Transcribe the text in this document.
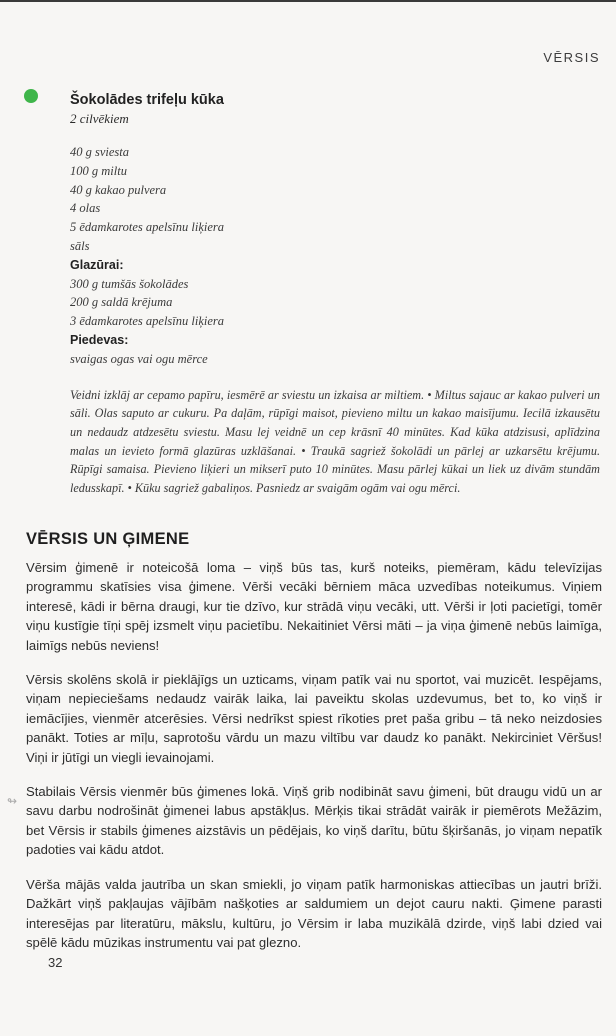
VĒRSIS
Šokolādes trifeļu kūka

2 cilvēkiem

40 g sviesta
100 g miltu
40 g kakao pulvera
4 olas
5 ēdamkarotes apelsīnu liķiera
sāls
Glazūrai:
300 g tumšās šokolādes
200 g saldā krējuma
3 ēdamkarotes apelsīnu liķiera
Piedevas:
svaigas ogas vai ogu mērce

Veidni izklāj ar cepamo papīru, iesmērē ar sviestu un izkaisa ar miltiem. • Miltus sajauc ar kakao pulveri un sāli. Olas saputo ar cukuru. Pa daļām, rūpīgi maisot, pievieno miltu un kakao maisījumu. Iecilā izkausētu un nedaudz atdzesētu sviestu. Masu lej veidnē un cep krāsnī 40 minūtes. Kad kūka atdzisusi, aplīdzina malas un ievieto formā glazūras uzklāšanai. • Traukā sagriež šokolādi un pārlej ar uzkarsētu krējumu. Rūpīgi samaisa. Pievieno liķieri un mikserī puto 10 minūtes. Masu pārlej kūkai un liek uz divām stundām ledusskapī. • Kūku sagriež gabaliņos. Pasniedz ar svaigām ogām vai ogu mērci.

VĒRSIS UN ĢIMENE

Vērsim ģimenē ir noteicošā loma – viņš būs tas, kurš noteiks, piemēram, kādu televīzijas programmu skatīsies visa ģimene. Vērši vecāki bērniem māca uzvedības noteikumus. Viņiem interesē, kādi ir bērna draugi, kur tie dzīvo, kur strādā viņu vecāki, utt. Vērši ir ļoti pacietīgi, tomēr viņu kustīgie tīņi spēj izsmelt viņu pacietību. Nekaitiniet Vērsi māti – ja viņa ģimenē nebūs laimīga, laimīgs nebūs neviens!

Vērsis skolēns skolā ir pieklājīgs un uzticams, viņam patīk vai nu sportot, vai muzicēt. Iespējams, viņam nepieciešams nedaudz vairāk laika, lai paveiktu skolas uzdevumus, bet to, ko viņš ir iemācījies, vienmēr atcerēsies. Vērsi nedrīkst spiest rīkoties pret paša gribu – tā neko neizdosies panākt. Toties ar mīļu, saprotošu vārdu un mazu viltību var daudz ko panākt. Nekirciniet Vēršus! Viņi ir jūtīgi un viegli ievainojami.

Stabilais Vērsis vienmēr būs ģimenes lokā. Viņš grib nodibināt savu ģimeni, būt draugu vidū un ar savu darbu nodrošināt ģimenei labus apstākļus. Mērķis tikai strādāt vairāk ir piemērots Mežāzim, bet Vērsis ir stabils ģimenes aizstāvis un pēdējais, ko viņš darītu, būtu šķiršanās, jo viņam nepatīk padoties vai kādu atdot.

Vērša mājās valda jautrība un skan smiekli, jo viņam patīk harmoniskas attiecības un jautri brīži. Dažkārt viņš pakļaujas vājībām našķoties ar saldumiem un dejot cauru nakti. Ģimene parasti interesējas par literatūru, mākslu, kultūru, jo Vērsim ir laba muzikālā dzirde, viņš labi dzied vai spēlē kādu mūzikas instrumentu vai pat gleznо.

↬
32
